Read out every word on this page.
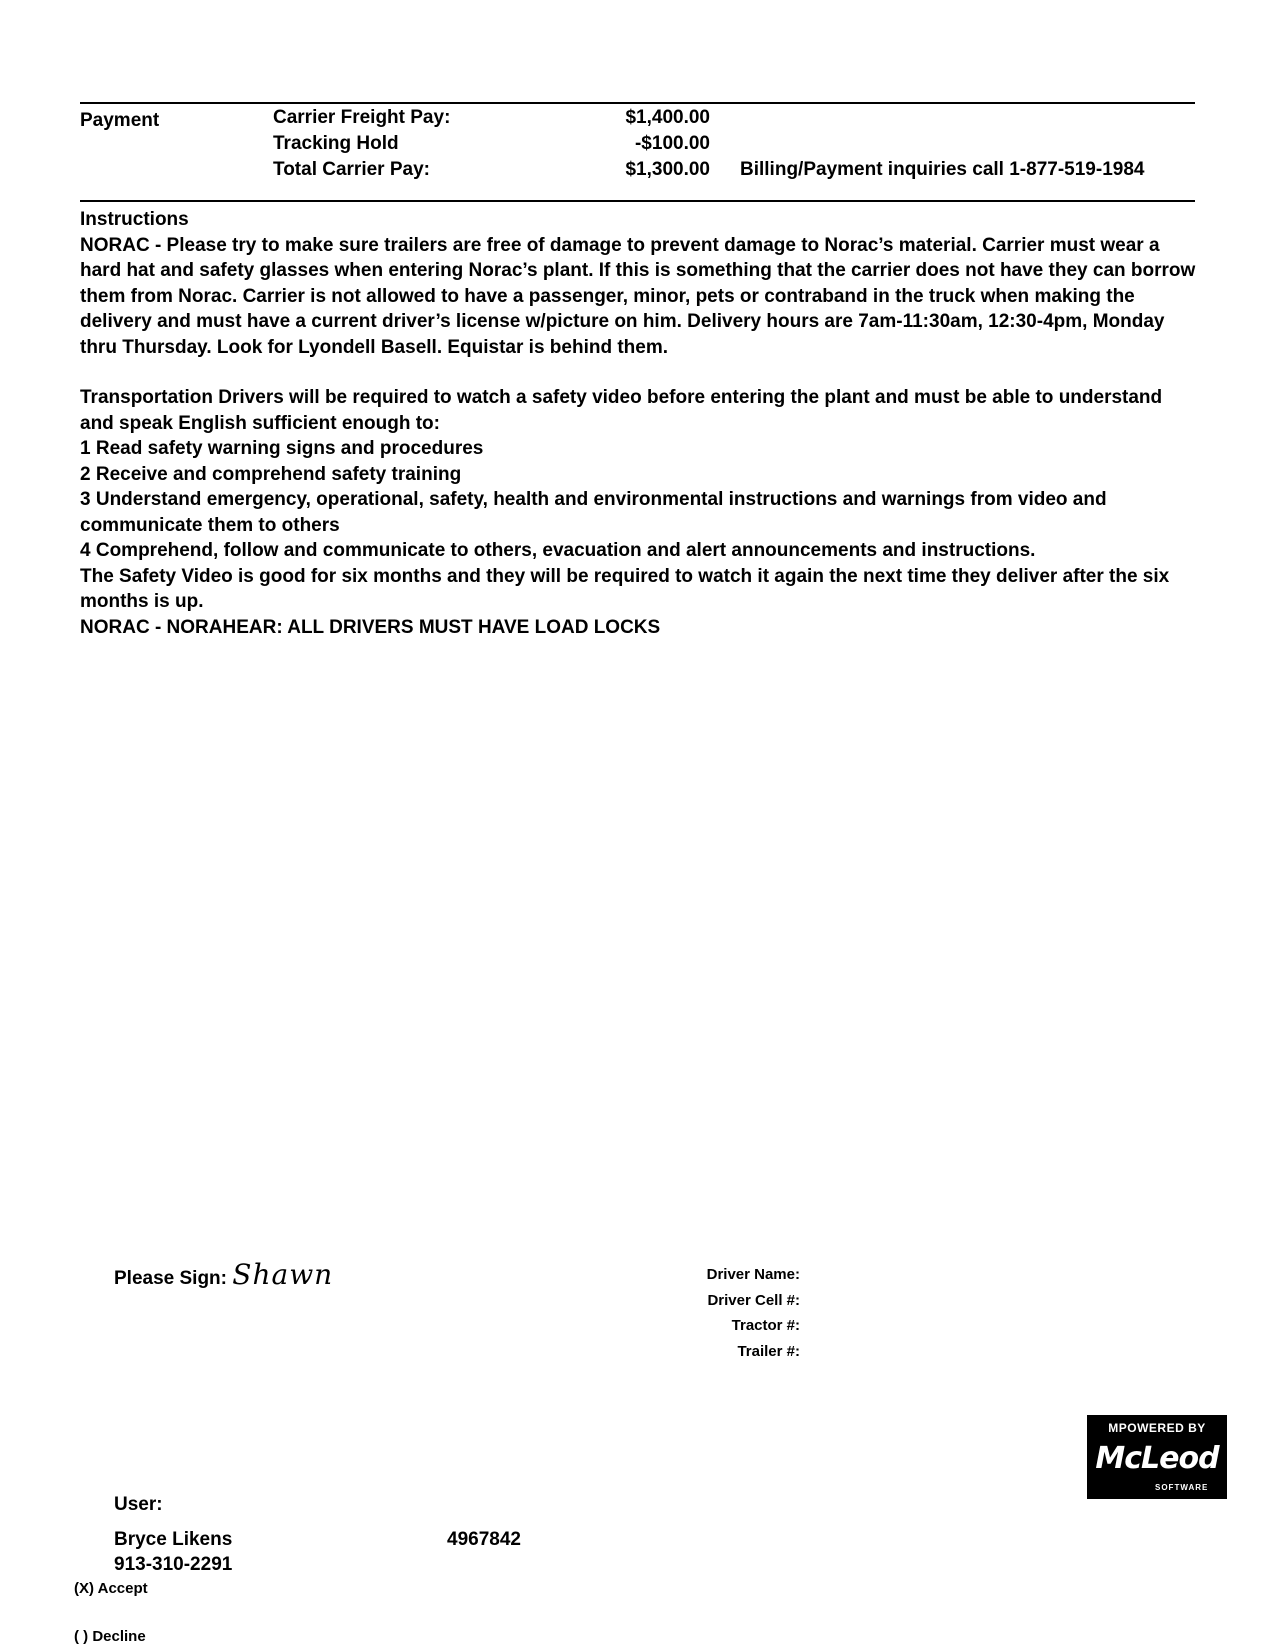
Payment	Carrier Freight Pay:	$1,400.00
Tracking Hold	-$100.00
Total Carrier Pay:	$1,300.00 Billing/Payment inquiries call 1-877-519-1984

Instructions

NORAC - Please try to make sure trailers are free of damage to prevent damage to Norac’s material. Carrier must wear a hard hat and safety glasses when entering Norac’s plant. If this is something that the carrier does not have they can borrow them from Norac. Carrier is not allowed to have a passenger, minor, pets or contraband in the truck when making the delivery and must have a current driver’s license w/picture on him. Delivery hours are 7am-11:30am, 12:30-4pm, Monday thru Thursday. Look for Lyondell Basell. Equistar is behind them.

Transportation Drivers will be required to watch a safety video before entering the plant and must be able to understand and speak English sufficient enough to:

1 Read safety warning signs and procedures

2 Receive and comprehend safety training

3 Understand emergency, operational, safety, health and environmental instructions and warnings from video and communicate them to others

4 Comprehend, follow and communicate to others, evacuation and alert announcements and instructions.

The Safety Video is good for six months and they will be required to watch it again the next time they deliver after the six months is up.

NORAC - NORAHEAR: ALL DRIVERS MUST HAVE LOAD LOCKS

Please Sign: Shawn	Driver Name:
Driver Cell #:
Tractor #:
Trailer #:
MPOWERED BY
McLeod
SOFTWARE
User:
Bryce Likens
913-310-2291
4967842
(X) Accept
( ) Decline
